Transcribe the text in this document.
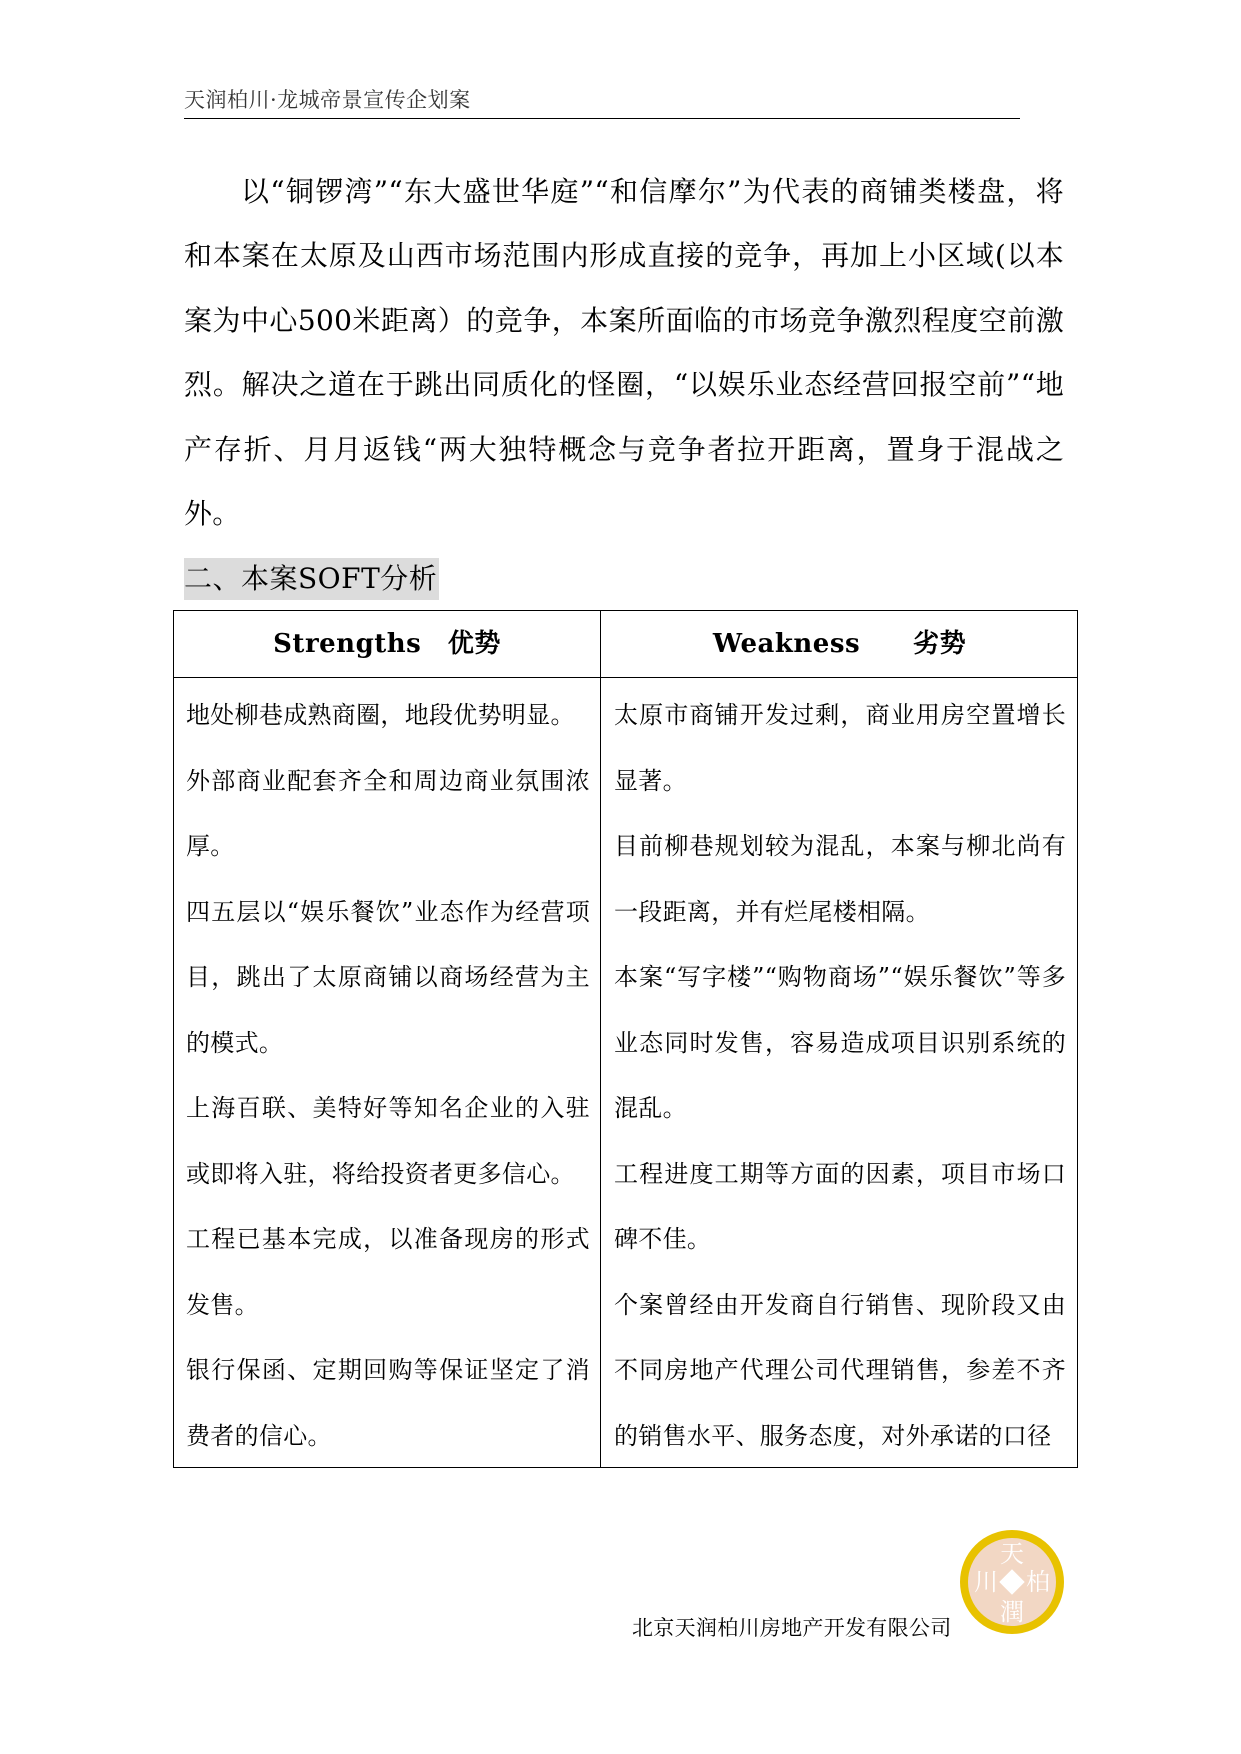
天润柏川·龙城帝景宣传企划案
以“铜锣湾”“东大盛世华庭”“和信摩尔”为代表的商铺类楼盘，将和本案在太原及山西市场范围内形成直接的竞争，再加上小区域(以本案为中心500米距离）的竞争，本案所面临的市场竞争激烈程度空前激烈。解决之道在于跳出同质化的怪圈，“以娱乐业态经营回报空前”“地产存折、月月返钱“两大独特概念与竞争者拉开距离，置身于混战之外。
二、本案SOFT分析
Strengths　优势	Weakness　　劣势

地处柳巷成熟商圈，地段优势明显。

外部商业配套齐全和周边商业氛围浓厚。

四五层以“娱乐餐饮”业态作为经营项目，跳出了太原商铺以商场经营为主的模式。

上海百联、美特好等知名企业的入驻或即将入驻，将给投资者更多信心。

工程已基本完成，以准备现房的形式发售。

银行保函、定期回购等保证坚定了消费者的信心。

太原市商铺开发过剩，商业用房空置增长显著。

目前柳巷规划较为混乱，本案与柳北尚有一段距离，并有烂尾楼相隔。

本案“写字楼”“购物商场”“娱乐餐饮”等多业态同时发售，容易造成项目识别系统的混乱。

工程进度工期等方面的因素，项目市场口碑不佳。

个案曾经由开发商自行销售、现阶段又由不同房地产代理公司代理销售，参差不齐的销售水平、服务态度，对外承诺的口径

天
柏
潤
川
北京天润柏川房地产开发有限公司
